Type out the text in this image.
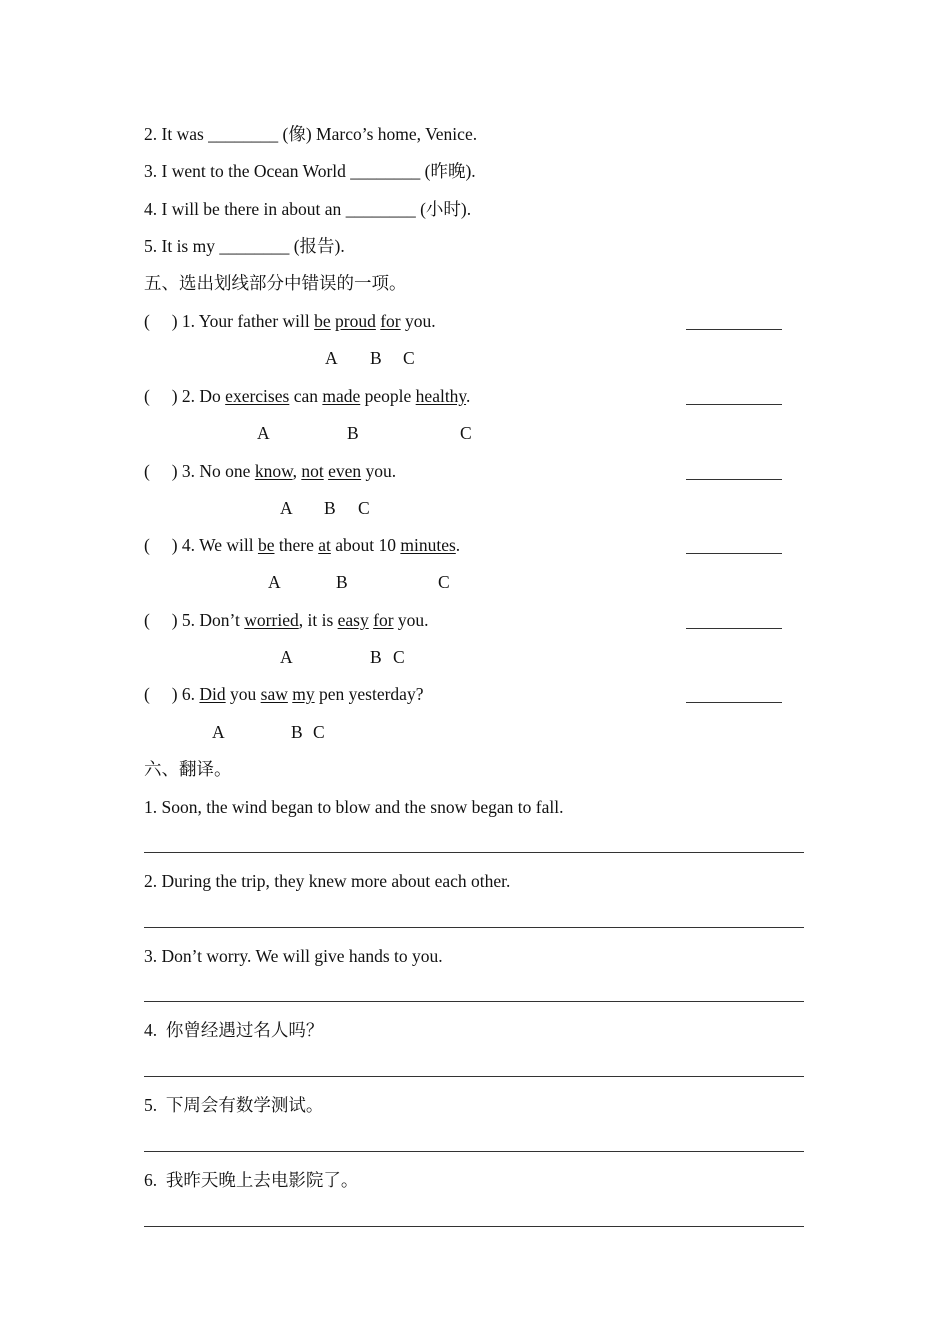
2. It was ________ (像) Marco’s home, Venice.
3. I went to the Ocean World ________ (昨晚).
4. I will be there in about an ________ (小时).
5. It is my ________ (报告).
五、选出划线部分中错误的一项。
(     ) 1. Your father will be proud for you.
A B C
(     ) 2. Do exercises can made people healthy.
A	B	C
(     ) 3. No one know, not even you.
A B C
(     ) 4. We will be there at about 10 minutes.
A	B	C
(     ) 5. Don’t worried, it is easy for you.
A	B C
(     ) 6. Did you saw my pen yesterday?
A	B C
六、翻译。
1. Soon, the wind began to blow and the snow began to fall.
2. During the trip, they knew more about each other.
3. Don’t worry. We will give hands to you.
4.  你曾经遇过名人吗？
5.  下周会有数学测试。
6.  我昨天晚上去电影院了。
